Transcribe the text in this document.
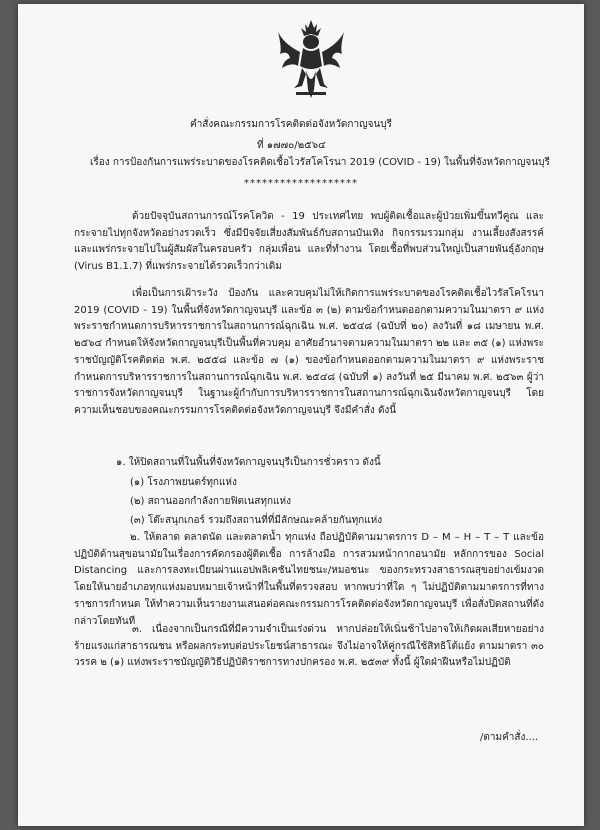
คำสั่งคณะกรรมการโรคติดต่อจังหวัดกาญจนบุรี
ที่ ๑๗๗๐/๒๕๖๔
เรื่อง การป้องกันการแพร่ระบาดของโรคติดเชื้อไวรัสโคโรนา 2019 (COVID - 19) ในพื้นที่จังหวัดกาญจนบุรี
*******************
ด้วยปัจจุบันสถานการณ์โรคโควิด - 19 ประเทศไทย พบผู้ติดเชื้อและผู้ป่วยเพิ่มขึ้นทวีคูณ และกระจายไปทุกจังหวัดอย่างรวดเร็ว ซึ่งมีปัจจัยเสี่ยงสัมพันธ์กับสถานบันเทิง กิจกรรมรวมกลุ่ม งานเลี้ยงสังสรรค์ และแพร่กระจายไปในผู้สัมผัสในครอบครัว กลุ่มเพื่อน และที่ทำงาน โดยเชื้อที่พบส่วนใหญ่เป็นสายพันธุ์อังกฤษ (Virus B1.1.7) ที่แพร่กระจายได้รวดเร็วกว่าเดิม
เพื่อเป็นการเฝ้าระวัง ป้องกัน และควบคุมไม่ให้เกิดการแพร่ระบาดของโรคติดเชื้อไวรัสโคโรนา 2019 (COVID - 19) ในพื้นที่จังหวัดกาญจนบุรี และข้อ ๓ (๒) ตามข้อกำหนดออกตามความในมาตรา ๙ แห่งพระราชกำหนดการบริหารราชการในสถานการณ์ฉุกเฉิน พ.ศ. ๒๕๔๘ (ฉบับที่ ๒๐) ลงวันที่ ๑๘ เมษายน พ.ศ. ๒๕๖๔ กำหนดให้จังหวัดกาญจนบุรีเป็นพื้นที่ควบคุม อาศัยอำนาจตามความในมาตรา ๒๒ และ ๓๕ (๑) แห่งพระราชบัญญัติโรคติดต่อ พ.ศ. ๒๕๕๘ และข้อ ๗ (๑) ของข้อกำหนดออกตามความในมาตรา ๙ แห่งพระราชกำหนดการบริหารราชการในสถานการณ์ฉุกเฉิน พ.ศ. ๒๕๔๘ (ฉบับที่ ๑) ลงวันที่ ๒๕ มีนาคม พ.ศ. ๒๕๖๓ ผู้ว่าราชการจังหวัดกาญจนบุรี ในฐานะผู้กำกับการบริหารราชการในสถานการณ์ฉุกเฉินจังหวัดกาญจนบุรี โดยความเห็นชอบของคณะกรรมการโรคติดต่อจังหวัดกาญจนบุรี จึงมีคำสั่ง ดังนี้
๑. ให้ปิดสถานที่ในพื้นที่จังหวัดกาญจนบุรีเป็นการชั่วคราว ดังนี้
(๑) โรงภาพยนตร์ทุกแห่ง
(๒) สถานออกกำลังกายฟิตเนสทุกแห่ง
(๓) โต๊ะสนุกเกอร์ รวมถึงสถานที่ที่มีลักษณะคล้ายกันทุกแห่ง
๒. ให้ตลาด ตลาดนัด และตลาดน้ำ ทุกแห่ง ถือปฏิบัติตามมาตรการ D – M – H – T – T และข้อปฏิบัติด้านสุขอนามัยในเรื่องการคัดกรองผู้ติดเชื้อ การล้างมือ การสวมหน้ากากอนามัย หลักการของ Social Distancing และการลงทะเบียนผ่านแอปพลิเคชันไทยชนะ/หมอชนะ ของกระทรวงสาธารณสุขอย่างเข้มงวด โดยให้นายอำเภอทุกแห่งมอบหมายเจ้าหน้าที่ในพื้นที่ตรวจสอบ หากพบว่าที่ใด ๆ ไม่ปฏิบัติตามมาตรการที่ทางราชการกำหนด ให้ทำความเห็นรายงานเสนอต่อคณะกรรมการโรคติดต่อจังหวัดกาญจนบุรี เพื่อสั่งปิดสถานที่ดังกล่าวโดยทันที
๓. เนื่องจากเป็นกรณีที่มีความจำเป็นเร่งด่วน หากปล่อยให้เนิ่นช้าไปอาจให้เกิดผลเสียหายอย่างร้ายแรงแก่สาธารณชน หรือผลกระทบต่อประโยชน์สาธารณะ จึงไม่อาจให้คู่กรณีใช้สิทธิโต้แย้ง ตามมาตรา ๓๐ วรรค ๒ (๑) แห่งพระราชบัญญัติวิธีปฏิบัติราชการทางปกครอง พ.ศ. ๒๕๓๙ ทั้งนี้ ผู้ใดฝ่าฝืนหรือไม่ปฏิบัติ
/ตามคำสั่ง....
